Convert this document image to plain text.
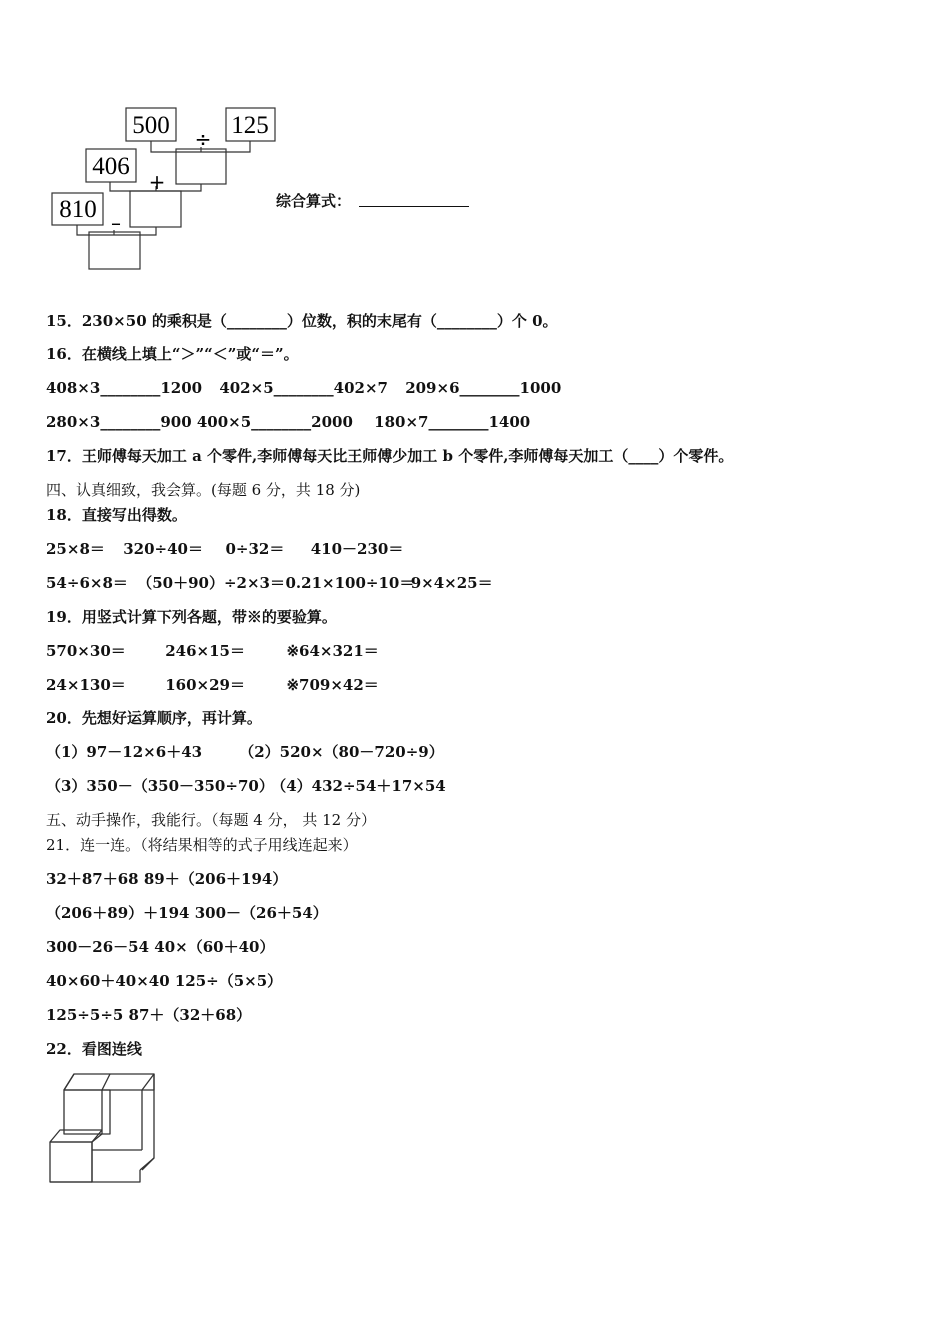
500 125
÷
406
+
810 –
综合算式：
15．230×50 的乘积是（________）位数，积的末尾有（________）个 0。
16．在横线上填上“＞”“＜”或“＝”。
408×3________1200 402×5________402×7 209×6________1000
280×3________900 400×5________2000 180×7________1400
17．王师傅每天加工 a 个零件,李师傅每天比王师傅少加工 b 个零件,李师傅每天加工（____）个零件。
四、认真细致，我会算。(每题 6 分，共 18 分)
18．直接写出得数。
25×8＝ 320÷40＝ 0÷32＝ 410－230＝
54÷6×8＝ （50＋90）÷2×3＝ 0.21×100÷10＝ 9×4×25＝
19．用竖式计算下列各题，带※的要验算。
570×30＝	246×15＝	※64×321＝
24×130＝	160×29＝	※709×42＝
20．先想好运算顺序，再计算。
（1）97－12×6＋43 （2）520×（80－720÷9）
（3）350－（350－350÷70） （4）432÷54＋17×54
五、动手操作，我能行。（每题 4 分， 共 12 分）
21．连一连。（将结果相等的式子用线连起来）
32＋87＋68 89＋（206＋194）
（206＋89）＋194 300－（26＋54）
300－26－54 40×（60＋40）
40×60＋40×40 125÷（5×5）
125÷5÷5 87＋（32＋68）
22．看图连线
